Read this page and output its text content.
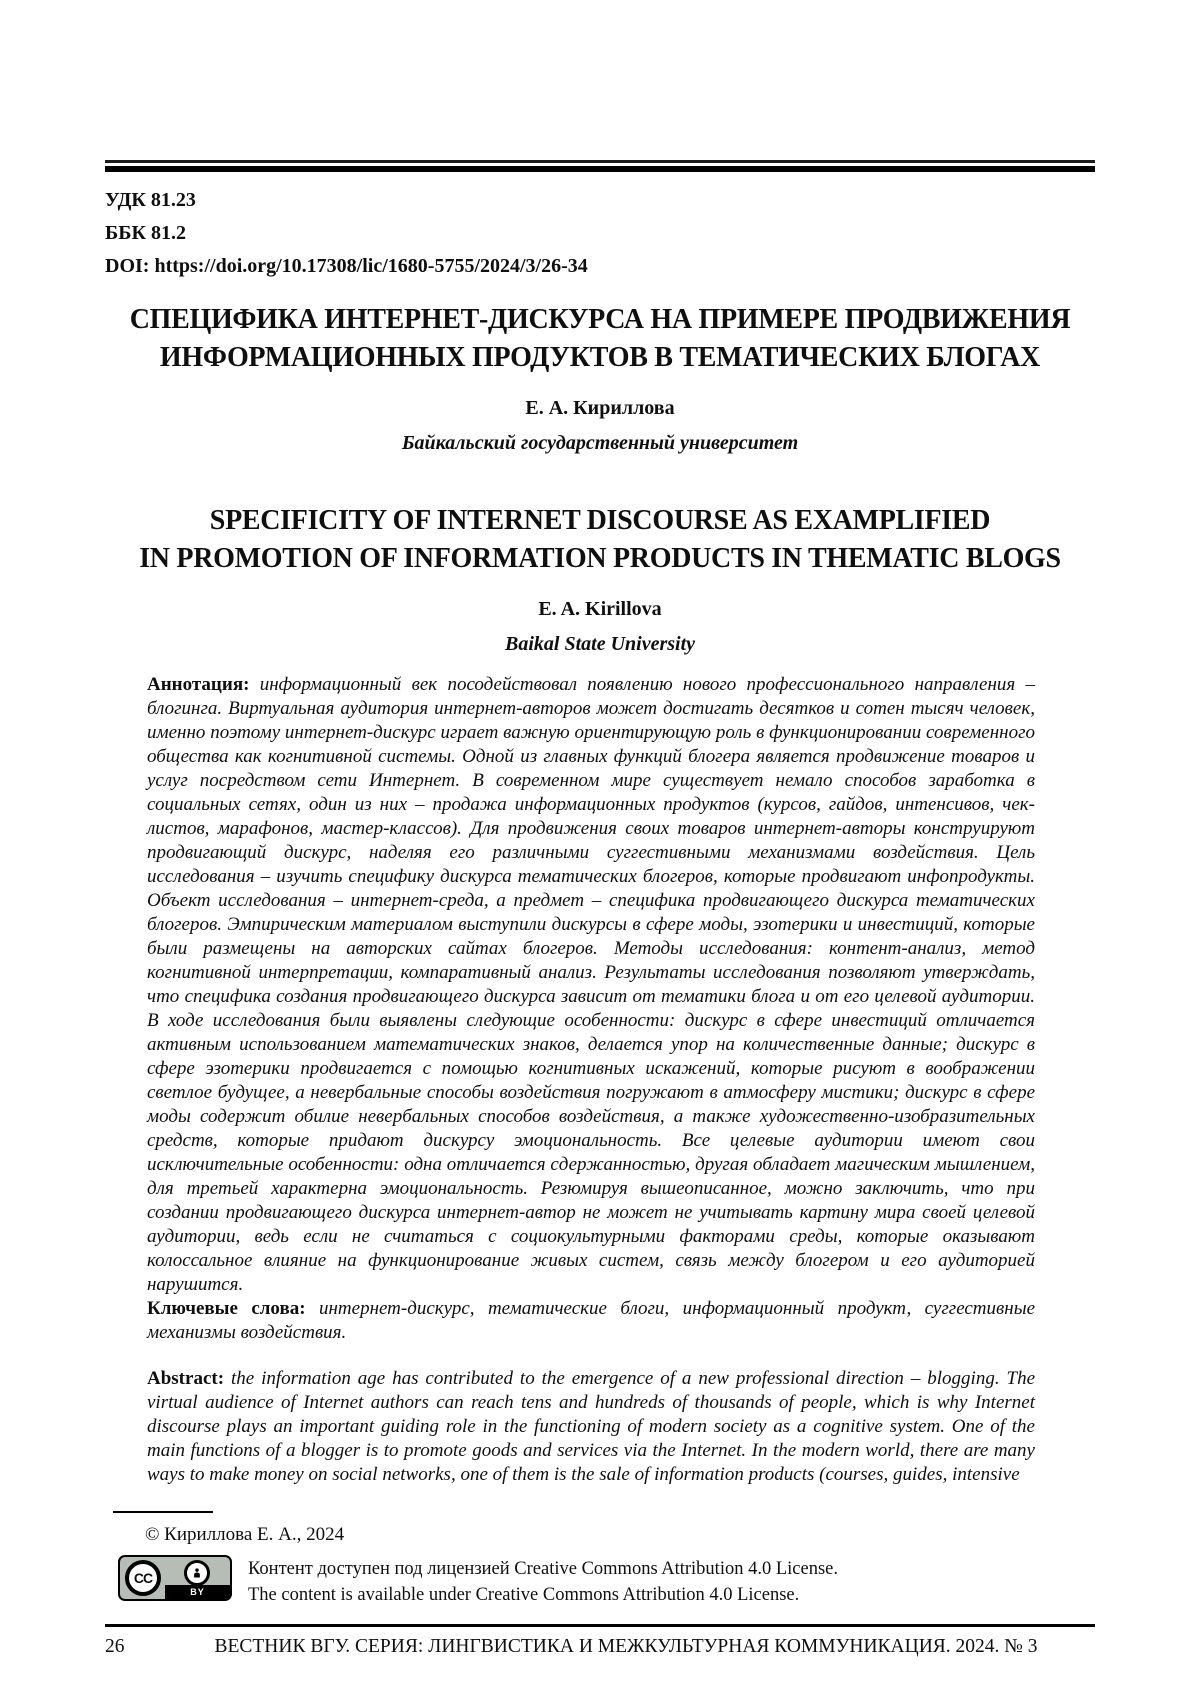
УДК 81.23
ББК 81.2
DOI: https://doi.org/10.17308/lic/1680-5755/2024/3/26-34
СПЕЦИФИКА ИНТЕРНЕТ-ДИСКУРСА НА ПРИМЕРЕ ПРОДВИЖЕНИЯ
ИНФОРМАЦИОННЫХ ПРОДУКТОВ В ТЕМАТИЧЕСКИХ БЛОГАХ
Е. А. Кириллова
Байкальский государственный университет
SPECIFICITY OF INTERNET DISCOURSE AS EXAMPLIFIED
IN PROMOTION OF INFORMATION PRODUCTS IN THEMATIC BLOGS
E. A. Kirillova
Baikal State University

Аннотация: информационный век посодействовал появлению нового профессионального направления – блогинга. Виртуальная аудитория интернет-авторов может достигать десятков и сотен тысяч человек, именно поэтому интернет-дискурс играет важную ориентирующую роль в функционировании современного общества как когнитивной системы. Одной из главных функций блогера является продвижение товаров и услуг посредством сети Интернет. В современном мире существует немало способов заработка в социальных сетях, один из них – продажа информационных продуктов (курсов, гайдов, интенсивов, чек-листов, марафонов, мастер-классов). Для продвижения своих товаров интернет-авторы конструируют продвигающий дискурс, наделяя его различными суггестивными механизмами воздействия. Цель исследования – изучить специфику дискурса тематических блогеров, которые продвигают инфопродукты. Объект исследования – интернет-среда, а предмет – специфика продвигающего дискурса тематических блогеров. Эмпирическим материалом выступили дискурсы в сфере моды, эзотерики и инвестиций, которые были размещены на авторских сайтах блогеров. Методы исследования: контент-анализ, метод когнитивной интерпретации, компаративный анализ. Результаты исследования позволяют утверждать, что специфика создания продвигающего дискурса зависит от тематики блога и от его целевой аудитории. В ходе исследования были выявлены следующие особенности: дискурс в сфере инвестиций отличается активным использованием математических знаков, делается упор на количественные данные; дискурс в сфере эзотерики продвигается с помощью когнитивных искажений, которые рисуют в воображении светлое будущее, а невербальные способы воздействия погружают в атмосферу мистики; дискурс в сфере моды содержит обилие невербальных способов воздействия, а также художественно-изобразительных средств, которые придают дискурсу эмоциональность. Все целевые аудитории имеют свои исключительные особенности: одна отличается сдержанностью, другая обладает магическим мышлением, для третьей характерна эмоциональность. Резюмируя вышеописанное, можно заключить, что при создании продвигающего дискурса интернет-автор не может не учитывать картину мира своей целевой аудитории, ведь если не считаться с социокультурными факторами среды, которые оказывают колоссальное влияние на функционирование живых систем, связь между блогером и его аудиторией нарушится.

Ключевые слова: интернет-дискурс, тематические блоги, информационный продукт, суггестивные механизмы воздействия.

Abstract: the information age has contributed to the emergence of a new professional direction – blogging. The virtual audience of Internet authors can reach tens and hundreds of thousands of people, which is why Internet discourse plays an important guiding role in the functioning of modern society as a cognitive system. One of the main functions of a blogger is to promote goods and services via the Internet. In the modern world, there are many ways to make money on social networks, one of them is the sale of information products (courses, guides, intensive

© Кириллова Е. А., 2024
CC
BY
Контент доступен под лицензией Creative Commons Attribution 4.0 License.
The content is available under Creative Commons Attribution 4.0 License.
26	ВЕСТНИК ВГУ. СЕРИЯ: ЛИНГВИСТИКА И МЕЖКУЛЬТУРНАЯ КОММУНИКАЦИЯ. 2024. № 3
